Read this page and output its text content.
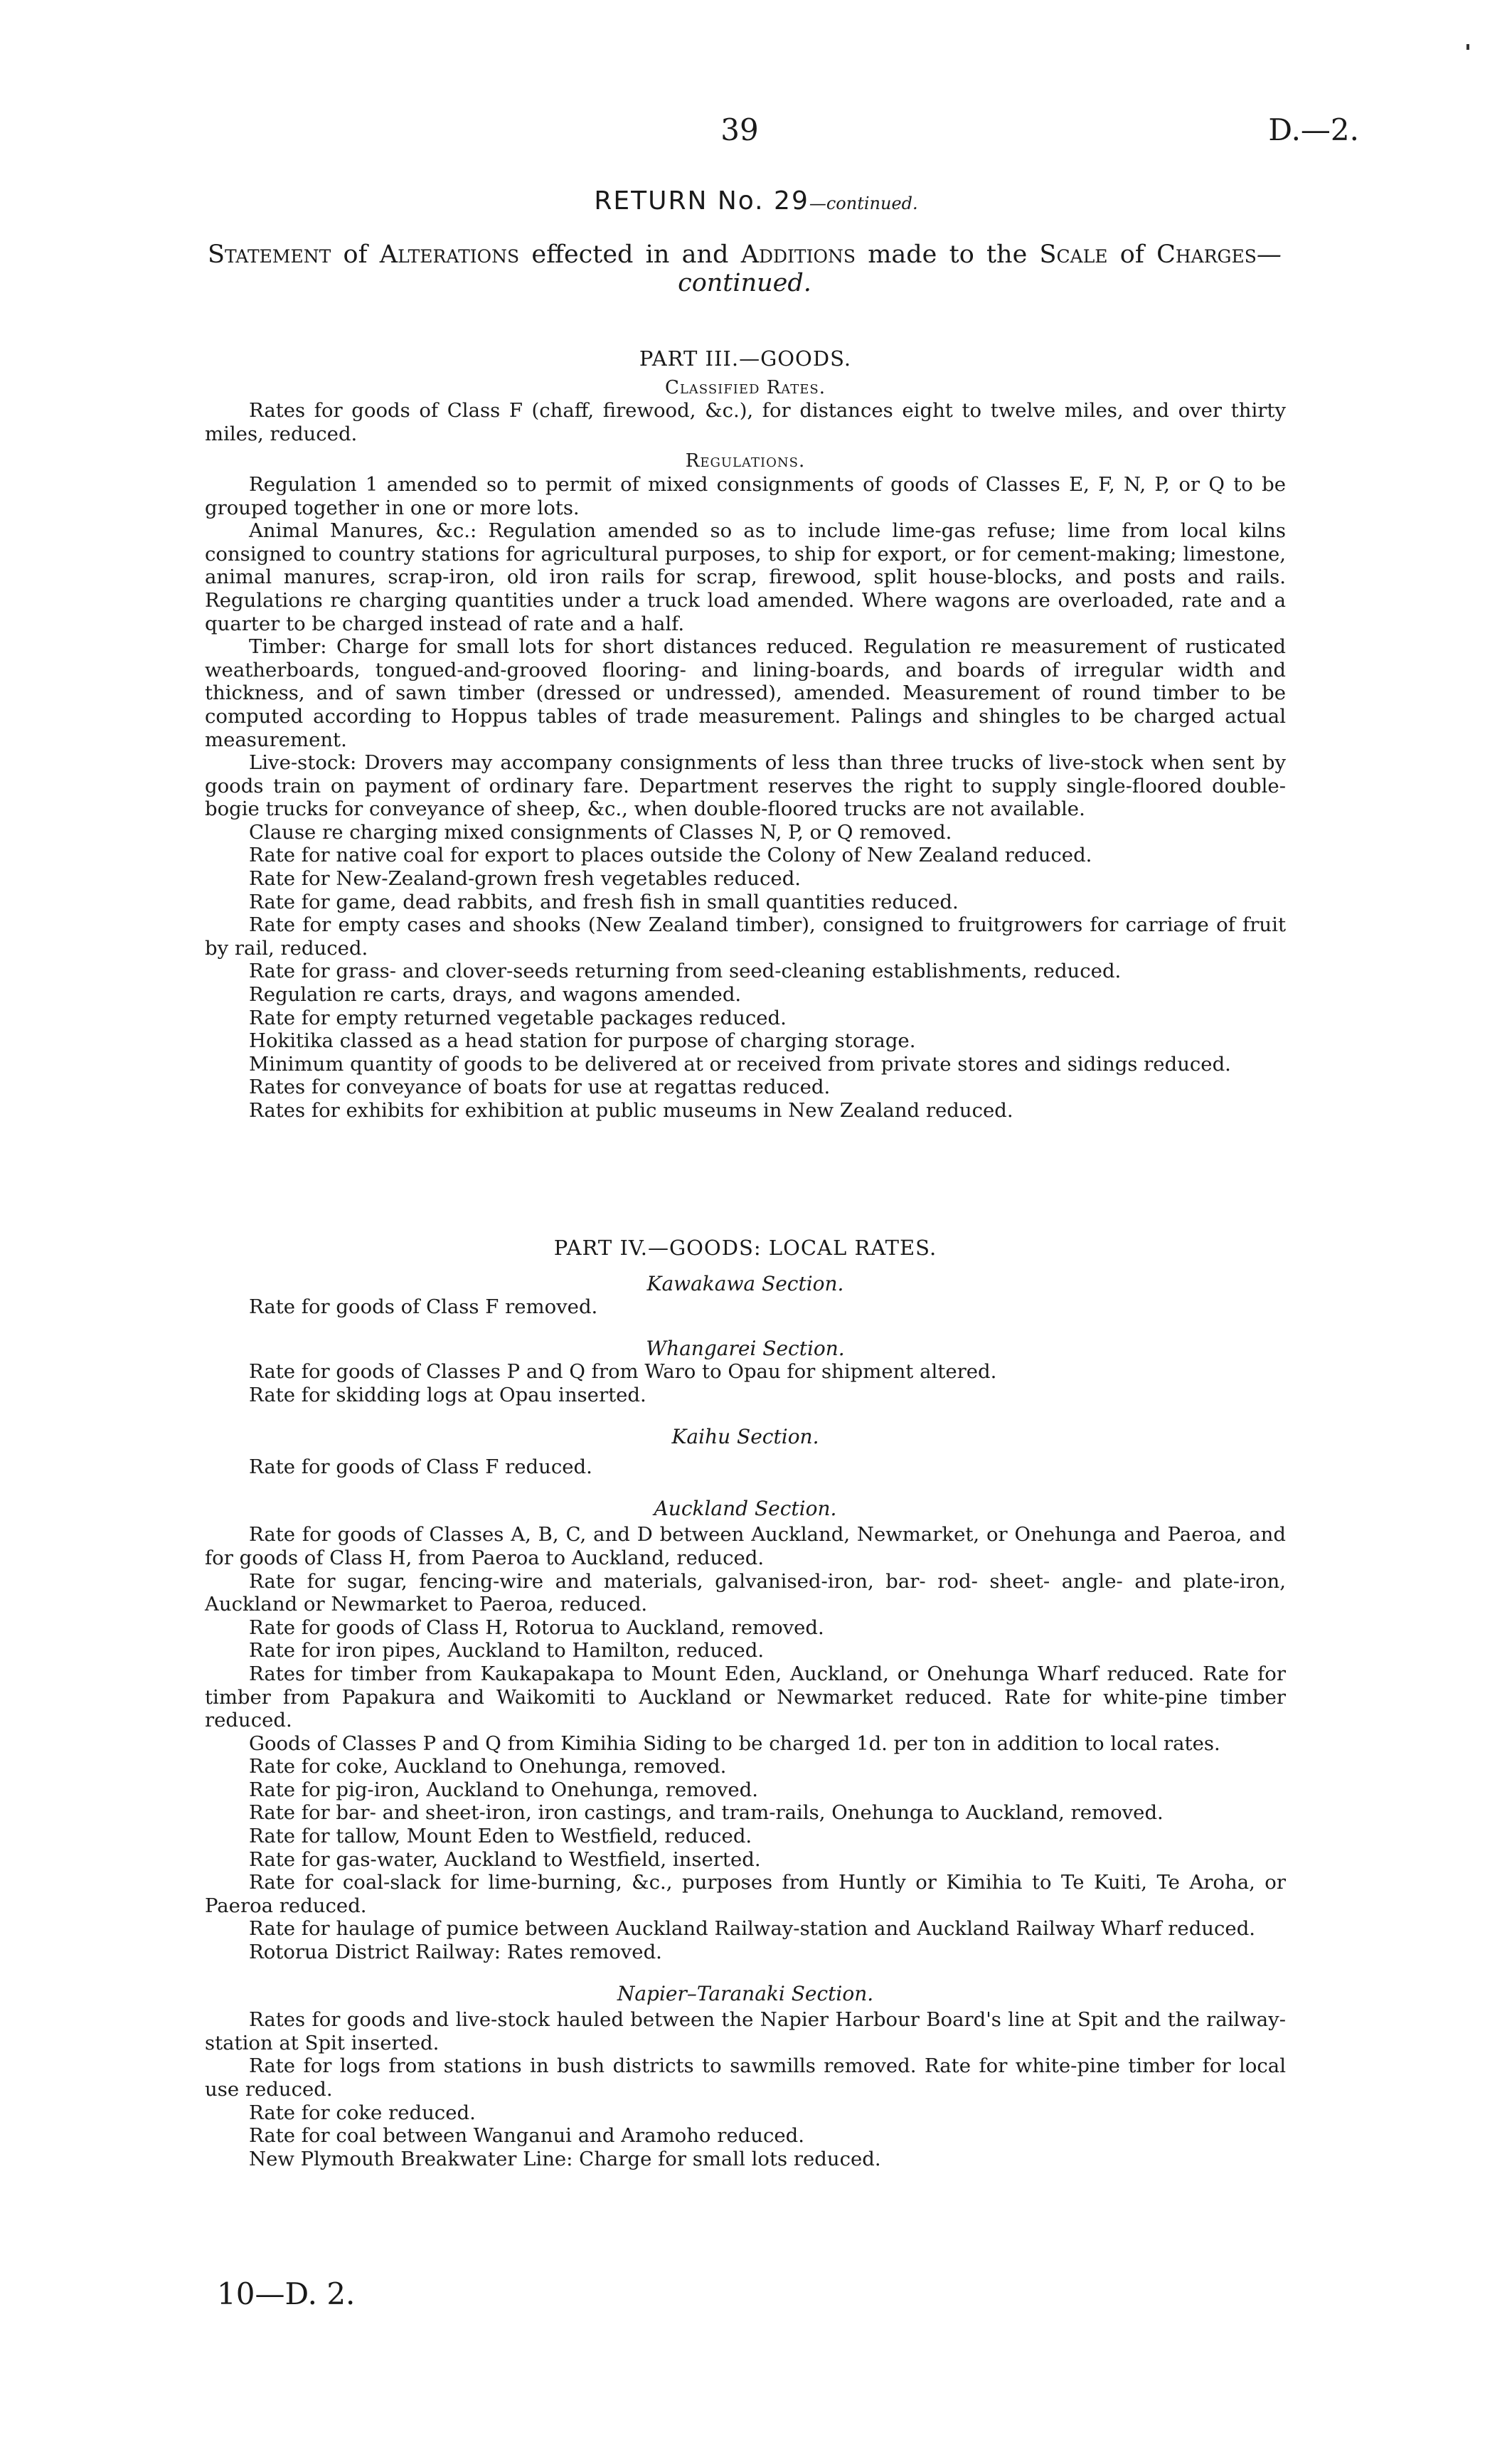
39	D.—2.
RETURN No. 29—continued.
Statement of Alterations effected in and Additions made to the Scale of Charges— continued.

PART III.—GOODS.

Classified Rates.

Rates for goods of Class F (chaff, firewood, &c.), for distances eight to twelve miles, and over thirty miles, reduced.

Regulations.

Regulation 1 amended so to permit of mixed consignments of goods of Classes E, F, N, P, or Q to be grouped together in one or more lots.

Animal Manures, &c.: Regulation amended so as to include lime-gas refuse; lime from local kilns consigned to country stations for agricultural purposes, to ship for export, or for cement-making; limestone, animal manures, scrap-iron, old iron rails for scrap, firewood, split house-blocks, and posts and rails. Regulations re charging quantities under a truck load amended. Where wagons are overloaded, rate and a quarter to be charged instead of rate and a half.

Timber: Charge for small lots for short distances reduced. Regulation re measurement of rusticated weatherboards, tongued-and-grooved flooring- and lining-boards, and boards of irregular width and thickness, and of sawn timber (dressed or undressed), amended. Measurement of round timber to be computed according to Hoppus tables of trade measurement. Palings and shingles to be charged actual measurement.

Live-stock: Drovers may accompany consignments of less than three trucks of live-stock when sent by goods train on payment of ordinary fare. Department reserves the right to supply single-floored double-bogie trucks for conveyance of sheep, &c., when double-floored trucks are not available.

Clause re charging mixed consignments of Classes N, P, or Q removed.

Rate for native coal for export to places outside the Colony of New Zealand reduced.

Rate for New-Zealand-grown fresh vegetables reduced.

Rate for game, dead rabbits, and fresh fish in small quantities reduced.

Rate for empty cases and shooks (New Zealand timber), consigned to fruitgrowers for carriage of fruit by rail, reduced.

Rate for grass- and clover-seeds returning from seed-cleaning establishments, reduced.

Regulation re carts, drays, and wagons amended.

Rate for empty returned vegetable packages reduced.

Hokitika classed as a head station for purpose of charging storage.

Minimum quantity of goods to be delivered at or received from private stores and sidings reduced.

Rates for conveyance of boats for use at regattas reduced.

Rates for exhibits for exhibition at public museums in New Zealand reduced.

PART IV.—GOODS: LOCAL RATES.

Kawakawa Section.

Rate for goods of Class F removed.

Whangarei Section.

Rate for goods of Classes P and Q from Waro to Opau for shipment altered.

Rate for skidding logs at Opau inserted.

Kaihu Section.

Rate for goods of Class F reduced.

Auckland Section.

Rate for goods of Classes A, B, C, and D between Auckland, Newmarket, or Onehunga and Paeroa, and for goods of Class H, from Paeroa to Auckland, reduced.

Rate for sugar, fencing-wire and materials, galvanised-iron, bar- rod- sheet- angle- and plate-iron, Auckland or Newmarket to Paeroa, reduced.

Rate for goods of Class H, Rotorua to Auckland, removed.

Rate for iron pipes, Auckland to Hamilton, reduced.

Rates for timber from Kaukapakapa to Mount Eden, Auckland, or Onehunga Wharf reduced. Rate for timber from Papakura and Waikomiti to Auckland or Newmarket reduced. Rate for white-pine timber reduced.

Goods of Classes P and Q from Kimihia Siding to be charged 1d. per ton in addition to local rates.

Rate for coke, Auckland to Onehunga, removed.

Rate for pig-iron, Auckland to Onehunga, removed.

Rate for bar- and sheet-iron, iron castings, and tram-rails, Onehunga to Auckland, removed.

Rate for tallow, Mount Eden to Westfield, reduced.

Rate for gas-water, Auckland to Westfield, inserted.

Rate for coal-slack for lime-burning, &c., purposes from Huntly or Kimihia to Te Kuiti, Te Aroha, or Paeroa reduced.

Rate for haulage of pumice between Auckland Railway-station and Auckland Railway Wharf reduced.

Rotorua District Railway: Rates removed.

Napier–Taranaki Section.

Rates for goods and live-stock hauled between the Napier Harbour Board's line at Spit and the railway-station at Spit inserted.

Rate for logs from stations in bush districts to sawmills removed. Rate for white-pine timber for local use reduced.

Rate for coke reduced.

Rate for coal between Wanganui and Aramoho reduced.

New Plymouth Breakwater Line: Charge for small lots reduced.

10—D. 2.
